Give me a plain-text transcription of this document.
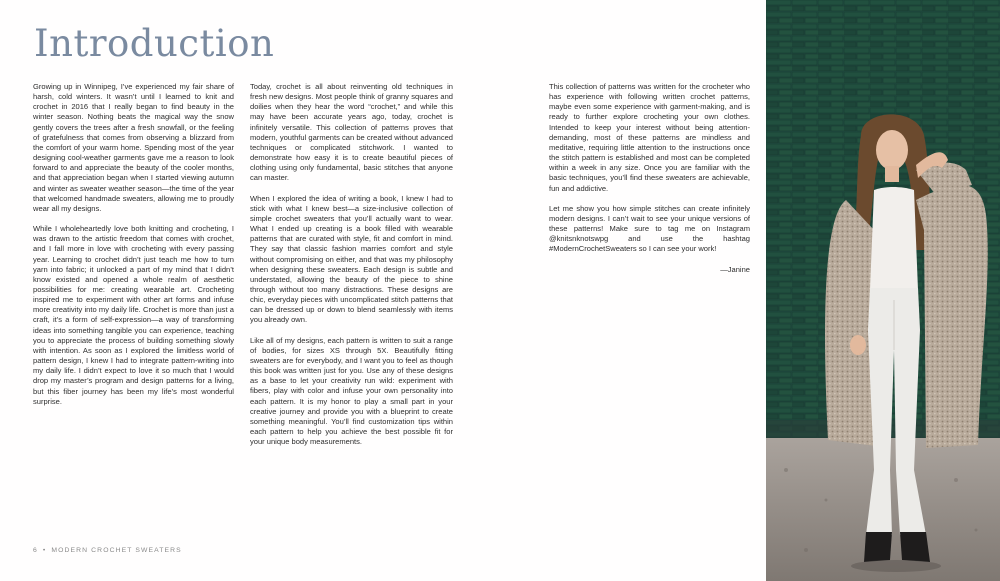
Introduction

Growing up in Winnipeg, I’ve experienced my fair share of harsh, cold winters. It wasn’t until I learned to knit and crochet in 2016 that I really began to find beauty in the winter season. Nothing beats the magical way the snow gently covers the trees after a fresh snowfall, or the feeling of gratefulness that comes from observing a blizzard from the comfort of your warm home. Spending most of the year designing cool-weather garments gave me a reason to look forward to and appreciate the beauty of the cooler months, and that appreciation began when I started viewing autumn and winter as sweater weather season—the time of the year that welcomed handmade sweaters, allowing me to proudly wear all my designs.

While I wholeheartedly love both knitting and crocheting, I was drawn to the artistic freedom that comes with crochet, and I fall more in love with crocheting with every passing year. Learning to crochet didn’t just teach me how to turn yarn into fabric; it unlocked a part of my mind that I didn’t know existed and opened a whole realm of aesthetic possibilities for me: creating wearable art. Crocheting inspired me to experiment with other art forms and infuse more creativity into my daily life. Crochet is more than just a craft, it’s a form of self-expression—a way of transforming ideas into something tangible you can experience, teaching you to appreciate the process of building something slowly with intention. As soon as I explored the limitless world of pattern design, I knew I had to integrate pattern-writing into my daily life. I didn’t expect to love it so much that I would drop my master’s program and design patterns for a living, but this fiber journey has been my life’s most wonderful surprise.

Today, crochet is all about reinventing old techniques in fresh new designs. Most people think of granny squares and doilies when they hear the word “crochet,” and while this may have been accurate years ago, today, crochet is infinitely versatile. This collection of patterns proves that modern, youthful garments can be created without advanced techniques or complicated stitchwork. I wanted to demonstrate how easy it is to create beautiful pieces of clothing using only fundamental, basic stitches that anyone can master.

When I explored the idea of writing a book, I knew I had to stick with what I knew best—a size-inclusive collection of simple crochet sweaters that you’ll actually want to wear. What I ended up creating is a book filled with wearable patterns that are curated with style, fit and comfort in mind. They say that classic fashion marries comfort and style without compromising on either, and that was my philosophy when designing these sweaters. Each design is subtle and understated, allowing the beauty of the piece to shine through without too many distractions. These designs are chic, everyday pieces with uncomplicated stitch patterns that can be dressed up or down to blend seamlessly with items you already own.

Like all of my designs, each pattern is written to suit a range of bodies, for sizes XS through 5X. Beautifully fitting sweaters are for everybody, and I want you to feel as though this book was written just for you. Use any of these designs as a base to let your creativity run wild: experiment with fibers, play with color and infuse your own personality into each pattern. It is my honor to play a small part in your creative journey and provide you with a blueprint to create something meaningful. You’ll find customization tips within each pattern to help you achieve the best possible fit for your unique body measurements.

This collection of patterns was written for the crocheter who has experience with following written crochet patterns, maybe even some experience with garment-making, and is ready to further explore crocheting your own clothes. Intended to keep your interest without being attention-demanding, most of these patterns are mindless and meditative, requiring little attention to the instructions once the stitch pattern is established and most can be completed within a week in any size. Once you are familiar with the basic techniques, you’ll find these sweaters are achievable, fun and addictive.

Let me show you how simple stitches can create infinitely modern designs. I can’t wait to see your unique versions of these patterns! Make sure to tag me on Instagram @knitsnknotswpg and use the hashtag #ModernCrochetSweaters so I can see your work!

—Janine

6 • MODERN CROCHET SWEATERS
